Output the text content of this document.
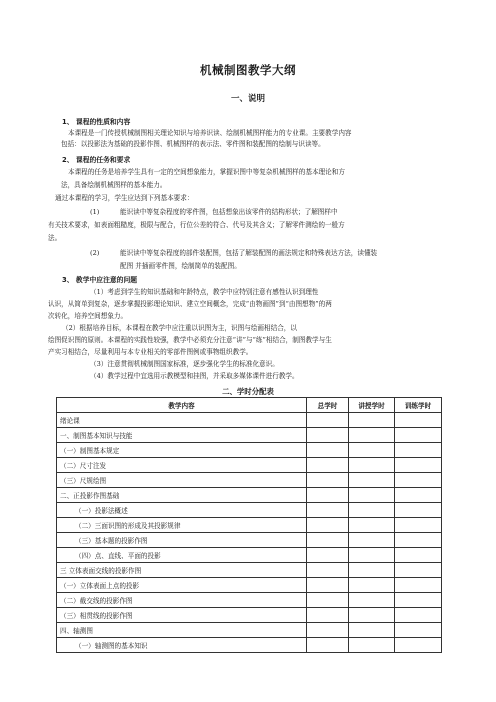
机械制图教学大纲
一、说明
1、 课程的性质和内容
本课程是一门传授机械制图相关理论知识与培养识读、绘制机械图样能力的专业课。主要教学内容
包括：以投影法为基础的投影作图、机械图样的表示法、零件图和装配图的绘制与识读等。
2、 课程的任务和要求
本课程的任务是培养学生具有一定的空间想象能力，掌握识图中等复杂机械图样的基本理论和方
法，具备绘制机械图样的基本能力。
通过本课程的学习，学生应达到下列基本要求：
(1)	能识读中等复杂程度的零件图，包括想象出该零件的结构形状；了解图样中
有关技术要求，如表面粗糙度，极限与配合，行位公差的符合、代号及其含义；了解零件测绘的一般方
法。
(2)	能识读中等复杂程度的部件装配图，包括了解装配图的画法规定和特殊表达方法，读懂装
配图 并插画零件图，绘制简单的装配图。
3、 教学中应注意的问题
（1）考虑到学生的知识基础和年龄特点，教学中应特别注意有感性认识到理性
认识，从简单到复杂，逐步掌握投影理论知识、建立空间概念，完成“由物画图”到“由图想物”的两
次转化，培养空间想象力。
（2）根据培养目标，本课程在教学中应注重以识图为主，识图与绘画相结合，以
绘图促识图的原则。本课程的实践性较强，教学中必须充分注意“讲”与“练”相结合，制图教学与生
产实习相结合，尽量利用与本专业相关的零部件图例或事物组织教学。
（3）注意贯彻机械制图国家标准，逐步强化学生的标准化意识。
（4）教学过程中宜选用示教模型和挂图，并采取多媒体课件进行教学。
二、学时分配表
教学内容	总学时	讲授学时	训练学时
绪论课			
一、制图基本知识与技能			
（一）制图基本规定			
（二）尺寸注发			
（三）尺规绘图			
二、正投影作图基础			
（一）投影法概述			
（二）三面识图的形成及其投影规律			
（三）基本题的投影作图			
（四）点、直线、平面的投影			
三 立体表面交线的投影作图			
（一）立体表面上点的投影			
（二）截交线的投影作图			
（三）相贯线的投影作图			
四、轴测图			
（一）轴测图的基本知识			
